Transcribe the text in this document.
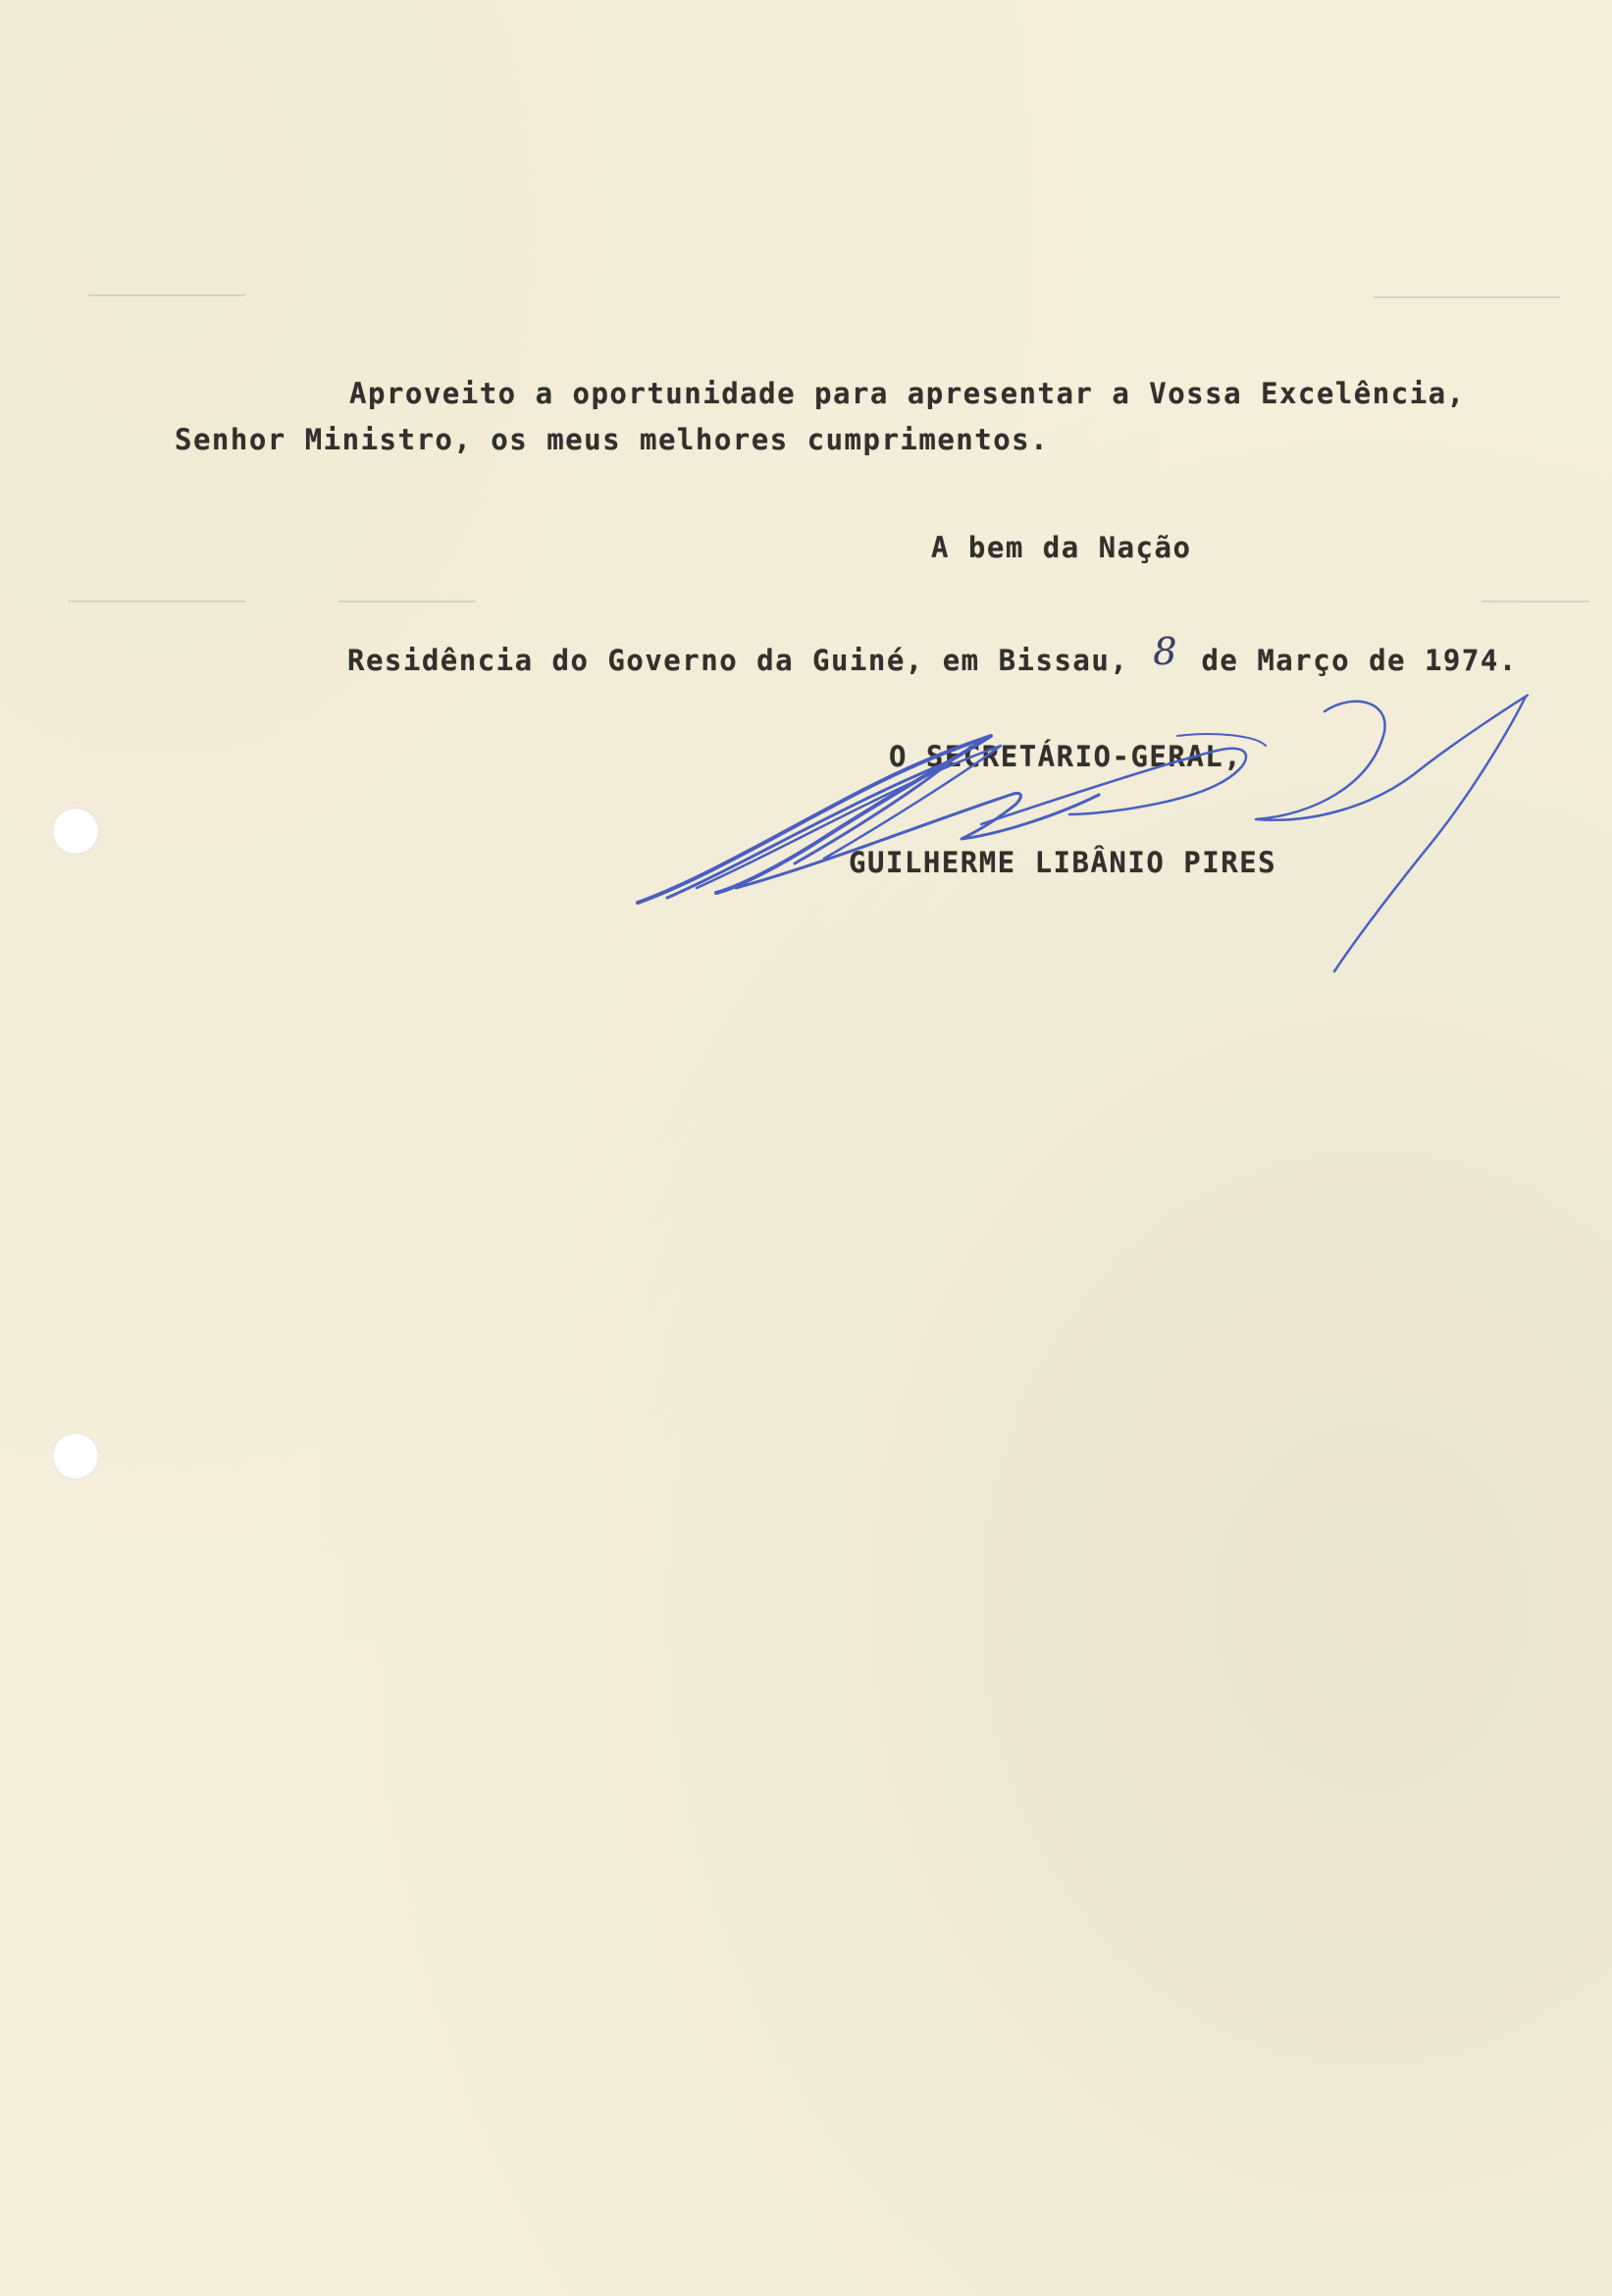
Aproveito a oportunidade para apresentar a Vossa Excelência,
Senhor Ministro, os meus melhores cumprimentos.
A bem da Nação
Residência do Governo da Guiné, em Bissau, 8 de Março de 1974.
O SECRETÁRIO-GERAL,
GUILHERME LIBÂNIO PIRES
